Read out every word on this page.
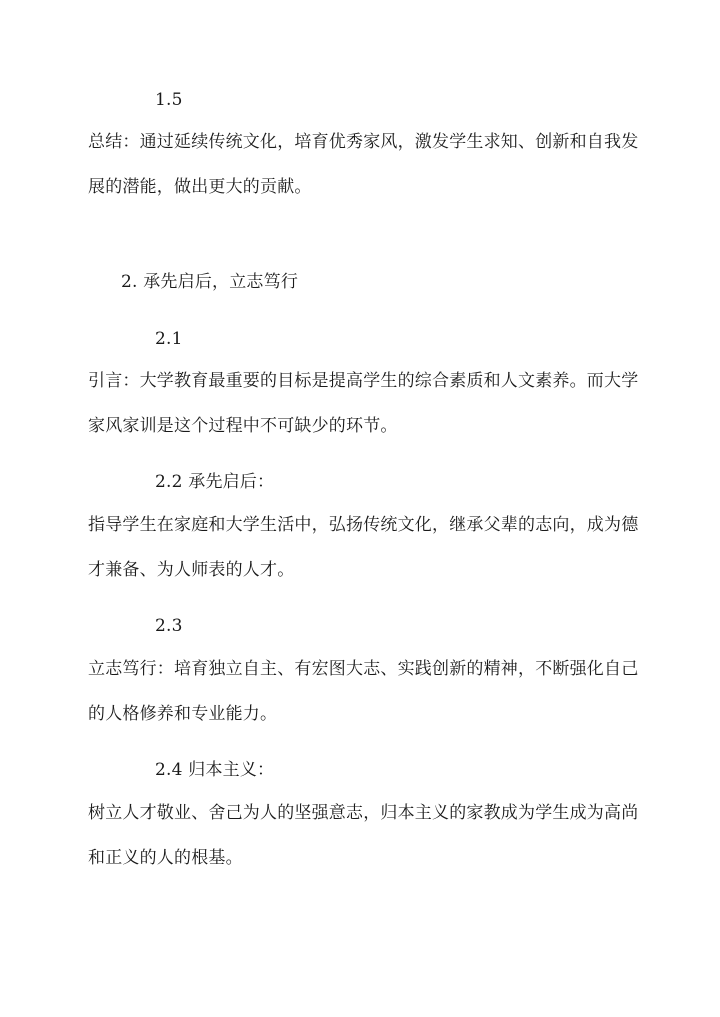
1.5
总结：通过延续传统文化，培育优秀家风，激发学生求知、创新和自我发
展的潜能，做出更大的贡献。
2. 承先启后，立志笃行
2.1
引言：大学教育最重要的目标是提高学生的综合素质和人文素养。而大学
家风家训是这个过程中不可缺少的环节。
2.2 承先启后：
指导学生在家庭和大学生活中，弘扬传统文化，继承父辈的志向，成为德
才兼备、为人师表的人才。
2.3
立志笃行：培育独立自主、有宏图大志、实践创新的精神，不断强化自己
的人格修养和专业能力。
2.4 归本主义：
树立人才敬业、舍己为人的坚强意志，归本主义的家教成为学生成为高尚
和正义的人的根基。
